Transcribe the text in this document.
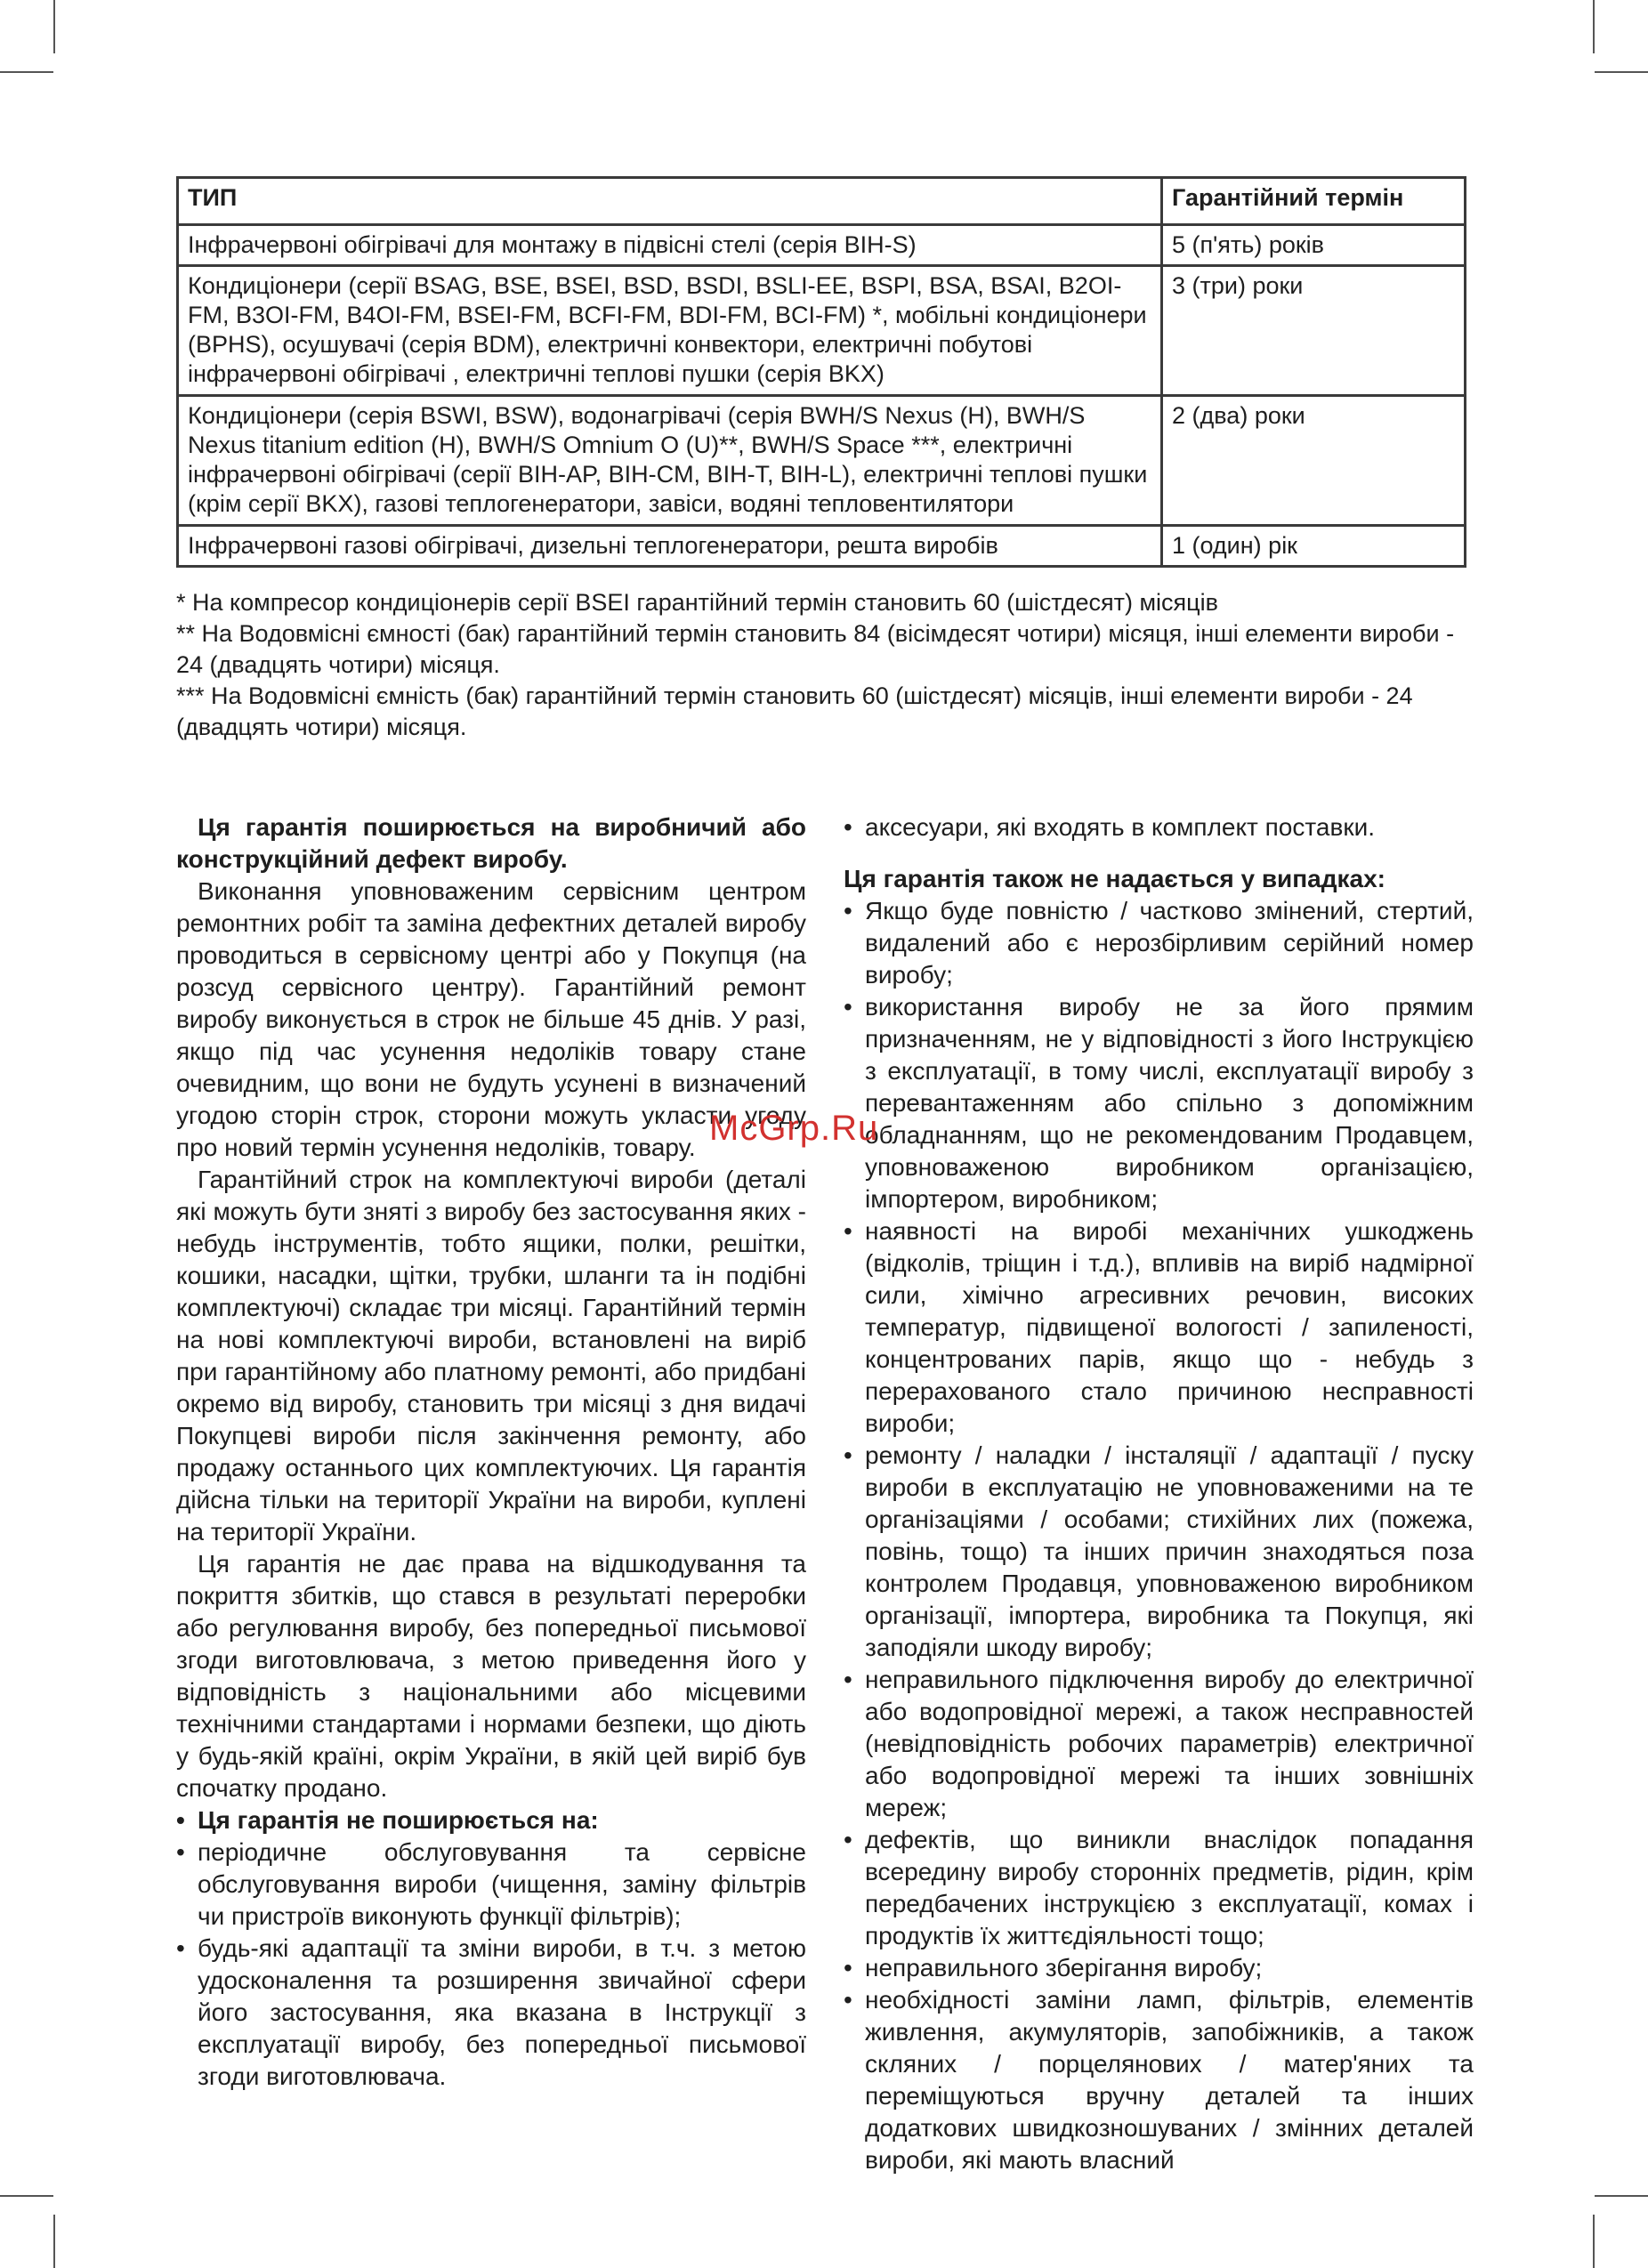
ТИП	Гарантійний термін
Інфрачервоні обігрівачі для монтажу в підвісні стелі (серія BIH-S)	5 (п'ять) років
Кондиціонери (серії BSAG, BSE, BSEI, BSD, BSDI, BSLI-EE, BSPI, BSA, BSAI, B2OI-FM, B3OI-FM, B4OI-FM, BSEI-FM, BCFI-FM, BDI-FM, BCI-FM) *, мобільні кондиціонери (BPHS), осушувачі (серія BDM), електричні конвектори, електричні побутові інфрачервоні обігрівачі , електричні теплові пушки (серія BKX)	3 (три) роки
Кондиціонери (серія BSWI, BSW), водонагрівачі (серія BWH/S Nexus (H), BWH/S Nexus titanium edition (H), BWH/S Omnium O (U)**, BWH/S Space ***, електричні інфрачервоні обігрівачі (серії BIH-AP, BIH-CM, BIH-T, BIH-L), електричні теплові пушки (крім серії BKX), газові теплогенератори, завіси, водяні тепловентилятори	2 (два) роки
Інфрачервоні газові обігрівачі, дизельні теплогенератори, решта виробів	1 (один) рік

* На компресор кондиціонерів серії BSEI гарантійний термін становить 60 (шістдесят) місяців

** На Водовмісні ємності (бак) гарантійний термін становить 84 (вісімдесят чотири) місяця, інші елементи вироби - 24 (двадцять чотири) місяця.

*** На Водовмісні ємність (бак) гарантійний термін становить 60 (шістдесят) місяців, інші елементи вироби - 24 (двадцять чотири) місяця.

Ця гарантія поширюється на виробничий або конструкційний дефект виробу.

Виконання уповноваженим сервісним центром ремонтних робіт та заміна дефектних деталей виробу проводиться в сервісному центрі або у Покупця (на розсуд сервісного центру). Гарантійний ремонт виробу виконується в строк не більше 45 днів. У разі, якщо під час усунення недоліків товару стане очевидним, що вони не будуть усунені в визначений угодою сторін строк, сторони можуть укласти угоду про новий термін усунення недоліків, товару.

Гарантійний строк на комплектуючі вироби (деталі які можуть бути зняті з виробу без застосування яких - небудь інструментів, тобто ящики, полки, решітки, кошики, насадки, щітки, трубки, шланги та ін подібні комплектуючі) складає три місяці. Гарантійний термін на нові комплектуючі вироби, встановлені на виріб при гарантійному або платному ремонті, або придбані окремо від виробу, становить три місяці з дня видачі Покупцеві вироби після закінчення ремонту, або продажу останнього цих комплектуючих. Ця гарантія дійсна тільки на території України на вироби, куплені на території України.

Ця гарантія не дає права на відшкодування та покриття збитків, що стався в результаті переробки або регулювання виробу, без попередньої письмової згоди виготовлювача, з метою приведення його у відповідність з національними або місцевими технічними стандартами і нормами безпеки, що діють у будь-якій країні, окрім України, в якій цей виріб був спочатку продано.

• Ця гарантія не поширюється на:

• періодичне обслуговування та сервісне обслуговування вироби (чищення, заміну фільтрів чи пристроїв виконують функції фільтрів);
• будь-які адаптації та зміни вироби, в т.ч. з метою удосконалення та розширення звичайної сфери його застосування, яка вказана в Інструкції з експлуатації виробу, без попередньої письмової згоди виготовлювача.
• аксесуари, які входять в комплект поставки.

Ця гарантія також не надається у випадках:

• Якщо буде повністю / частково змінений, стертий, видалений або є нерозбірливим серійний номер виробу;
• використання виробу не за його прямим призначенням, не у відповідності з його Інструкцією з експлуатації, в тому числі, експлуатації виробу з перевантаженням або спільно з допоміжним обладнанням, що не рекомендованим Продавцем, уповноваженою виробником організацією, імпортером, виробником;
• наявності на виробі механічних ушкоджень (відколів, тріщин і т.д.), впливів на виріб надмірної сили, хімічно агресивних речовин, високих температур, підвищеної вологості / запиленості, концентрованих парів, якщо що - небудь з перерахованого стало причиною несправності вироби;
• ремонту / наладки / інсталяції / адаптації / пуску вироби в експлуатацію не уповноваженими на те організаціями / особами; стихійних лих (пожежа, повінь, тощо) та інших причин знаходяться поза контролем Продавця, уповноваженою виробником організації, імпортера, виробника та Покупця, які заподіяли шкоду виробу;
• неправильного підключення виробу до електричної або водопровідної мережі, а також несправностей (невідповідність робочих параметрів) електричної або водопровідної мережі та інших зовнішніх мереж;
• дефектів, що виникли внаслідок попадання всередину виробу сторонніх предметів, рідин, крім передбачених інструкцією з експлуатації, комах і продуктів їх життєдіяльності тощо;
• неправильного зберігання виробу;
• необхідності заміни ламп, фільтрів, елементів живлення, акумуляторів, запобіжників, а також скляних / порцелянових / матер'яних та переміщуються вручну деталей та інших додаткових швидкозношуваних / змінних деталей вироби, які мають власний
McGrp.Ru
